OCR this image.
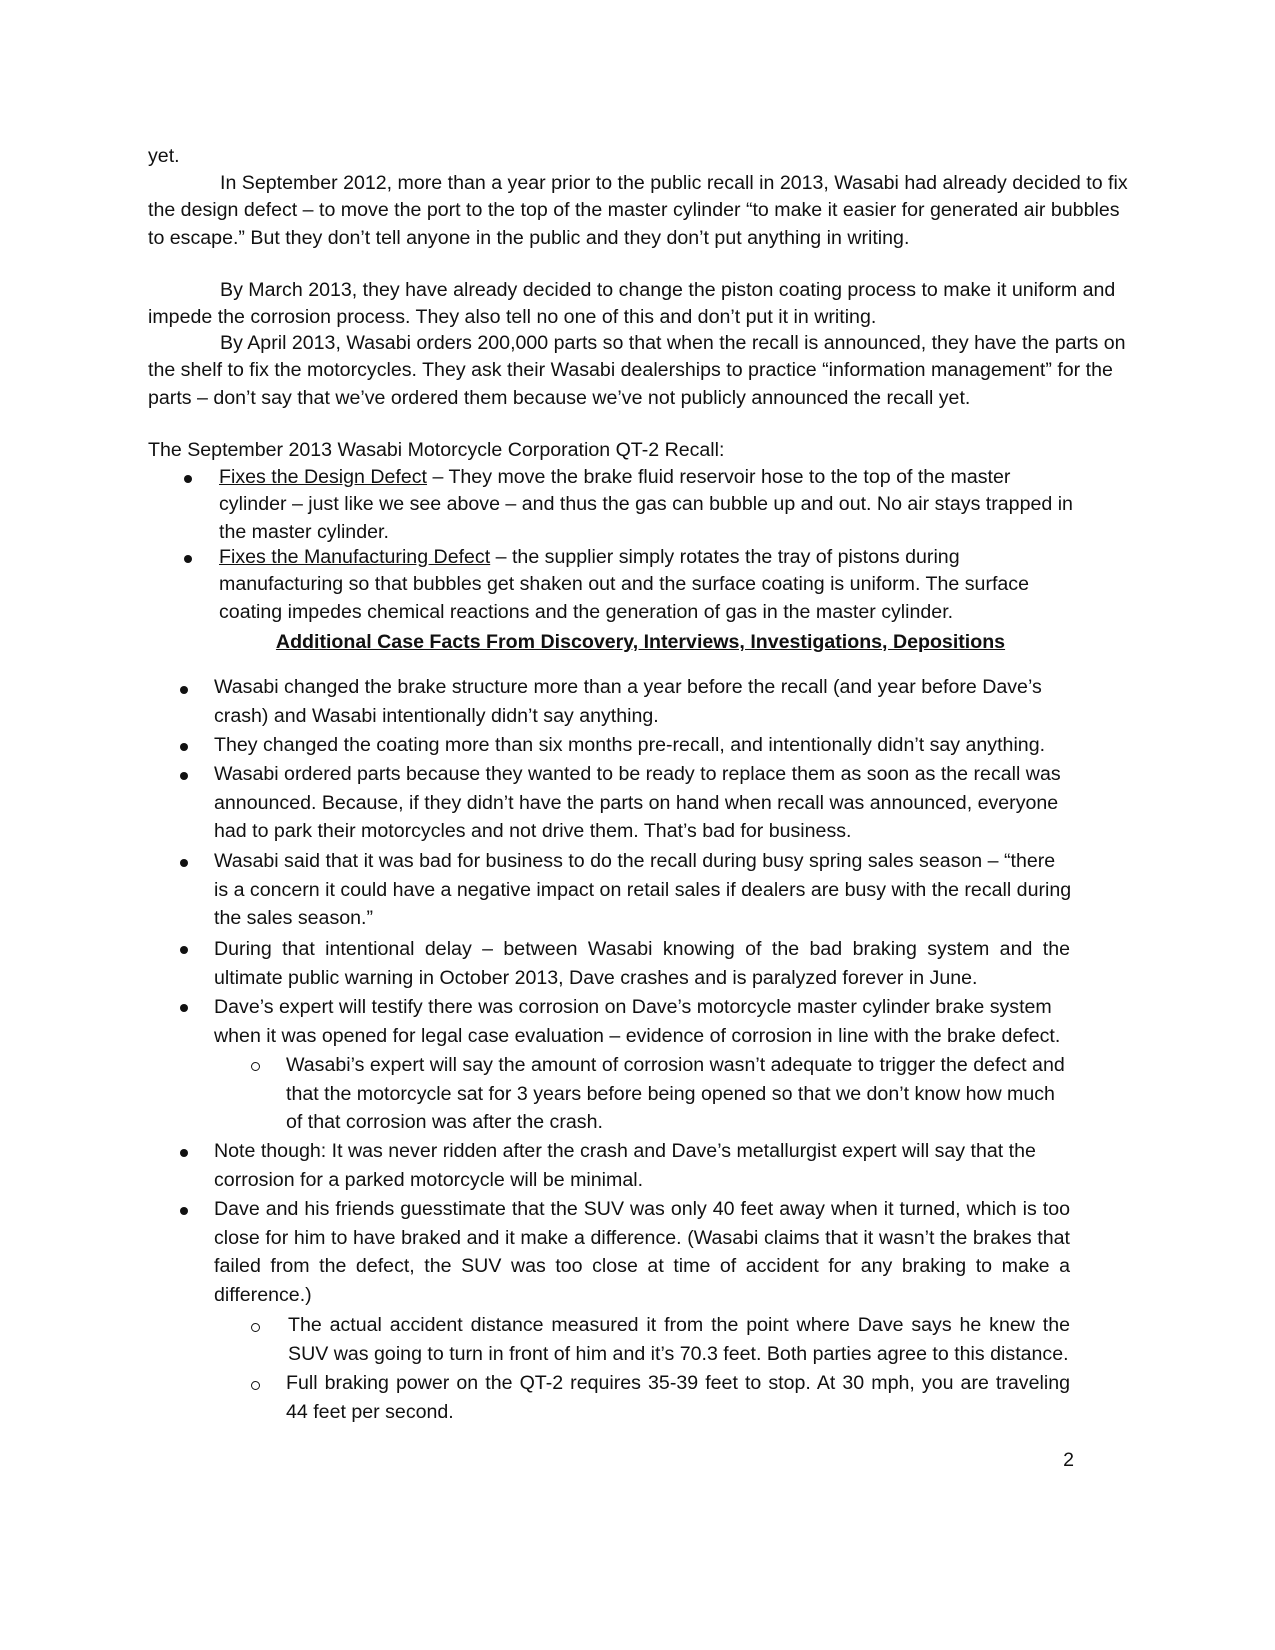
yet.

In September 2012, more than a year prior to the public recall in 2013, Wasabi had already decided to fix the design defect – to move the port to the top of the master cylinder “to make it easier for generated air bubbles to escape.” But they don’t tell anyone in the public and they don’t put anything in writing.

By March 2013, they have already decided to change the piston coating process to make it uniform and impede the corrosion process. They also tell no one of this and don’t put it in writing.

By April 2013, Wasabi orders 200,000 parts so that when the recall is announced, they have the parts on the shelf to fix the motorcycles. They ask their Wasabi dealerships to practice “information management” for the parts – don’t say that we’ve ordered them because we’ve not publicly announced the recall yet.

The September 2013 Wasabi Motorcycle Corporation QT-2 Recall:

Fixes the Design Defect – They move the brake fluid reservoir hose to the top of the master cylinder – just like we see above – and thus the gas can bubble up and out. No air stays trapped in the master cylinder.
Fixes the Manufacturing Defect – the supplier simply rotates the tray of pistons during manufacturing so that bubbles get shaken out and the surface coating is uniform. The surface coating impedes chemical reactions and the generation of gas in the master cylinder.
Additional Case Facts From Discovery, Interviews, Investigations, Depositions
Wasabi changed the brake structure more than a year before the recall (and year before Dave’s crash) and Wasabi intentionally didn’t say anything.
They changed the coating more than six months pre-recall, and intentionally didn’t say anything.
Wasabi ordered parts because they wanted to be ready to replace them as soon as the recall was announced. Because, if they didn’t have the parts on hand when recall was announced, everyone had to park their motorcycles and not drive them. That’s bad for business.
Wasabi said that it was bad for business to do the recall during busy spring sales season – “there is a concern it could have a negative impact on retail sales if dealers are busy with the recall during the sales season.”
During that intentional delay – between Wasabi knowing of the bad braking system and the ultimate public warning in October 2013, Dave crashes and is paralyzed forever in June.
Dave’s expert will testify there was corrosion on Dave’s motorcycle master cylinder brake system when it was opened for legal case evaluation – evidence of corrosion in line with the brake defect.
Wasabi’s expert will say the amount of corrosion wasn’t adequate to trigger the defect and that the motorcycle sat for 3 years before being opened so that we don’t know how much of that corrosion was after the crash.
Note though: It was never ridden after the crash and Dave’s metallurgist expert will say that the corrosion for a parked motorcycle will be minimal.
Dave and his friends guesstimate that the SUV was only 40 feet away when it turned, which is too close for him to have braked and it make a difference. (Wasabi claims that it wasn’t the brakes that failed from the defect, the SUV was too close at time of accident for any braking to make a difference.)
The actual accident distance measured it from the point where Dave says he knew the SUV was going to turn in front of him and it’s 70.3 feet. Both parties agree to this distance.
Full braking power on the QT-2 requires 35-39 feet to stop. At 30 mph, you are traveling 44 feet per second.
2
